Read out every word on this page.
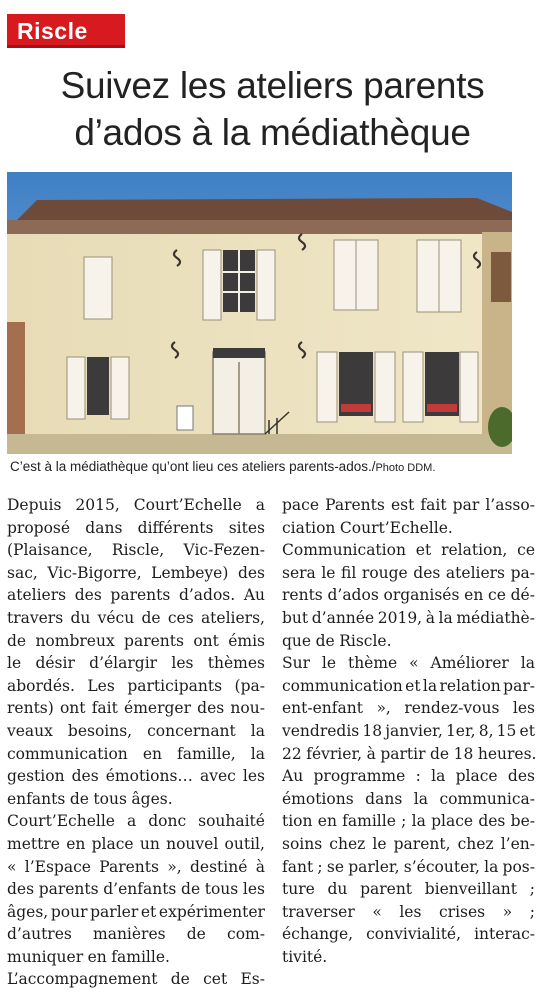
Riscle
Suivez les ateliers parents
d’ados à la médiathèque
C’est à la médiathèque qu’ont lieu ces ateliers parents-ados./Photo DDM.
Depuis 2015, Court’Echelle a
proposé dans différents sites
(Plaisance, Riscle, Vic-Fezen-
sac, Vic-Bigorre, Lembeye) des
ateliers des parents d’ados. Au
travers du vécu de ces ateliers,
de nombreux parents ont émis
le désir d’élargir les thèmes
abordés. Les participants (pa-
rents) ont fait émerger des nou-
veaux besoins, concernant la
communication en famille, la
gestion des émotions… avec les
enfants de tous âges.
Court’Echelle a donc souhaité
mettre en place un nouvel outil,
« l’Espace Parents », destiné à
des parents d’enfants de tous les
âges, pour parler et expérimenter
d’autres manières de com-
muniquer en famille.
L’accompagnement de cet Es-
pace Parents est fait par l’asso-
ciation Court’Echelle.
Communication et relation, ce
sera le fil rouge des ateliers pa-
rents d’ados organisés en ce dé-
but d’année 2019, à la médiathè-
que de Riscle.
Sur le thème « Améliorer la
communication et la relation par-
ent-enfant », rendez-vous les
vendredis 18 janvier, 1er, 8, 15 et
22 février, à partir de 18 heures.
Au programme : la place des
émotions dans la communica-
tion en famille ; la place des be-
soins chez le parent, chez l’en-
fant ; se parler, s’écouter, la pos-
ture du parent bienveillant ;
traverser « les crises » ;
échange, convivialité, interac-
tivité.
